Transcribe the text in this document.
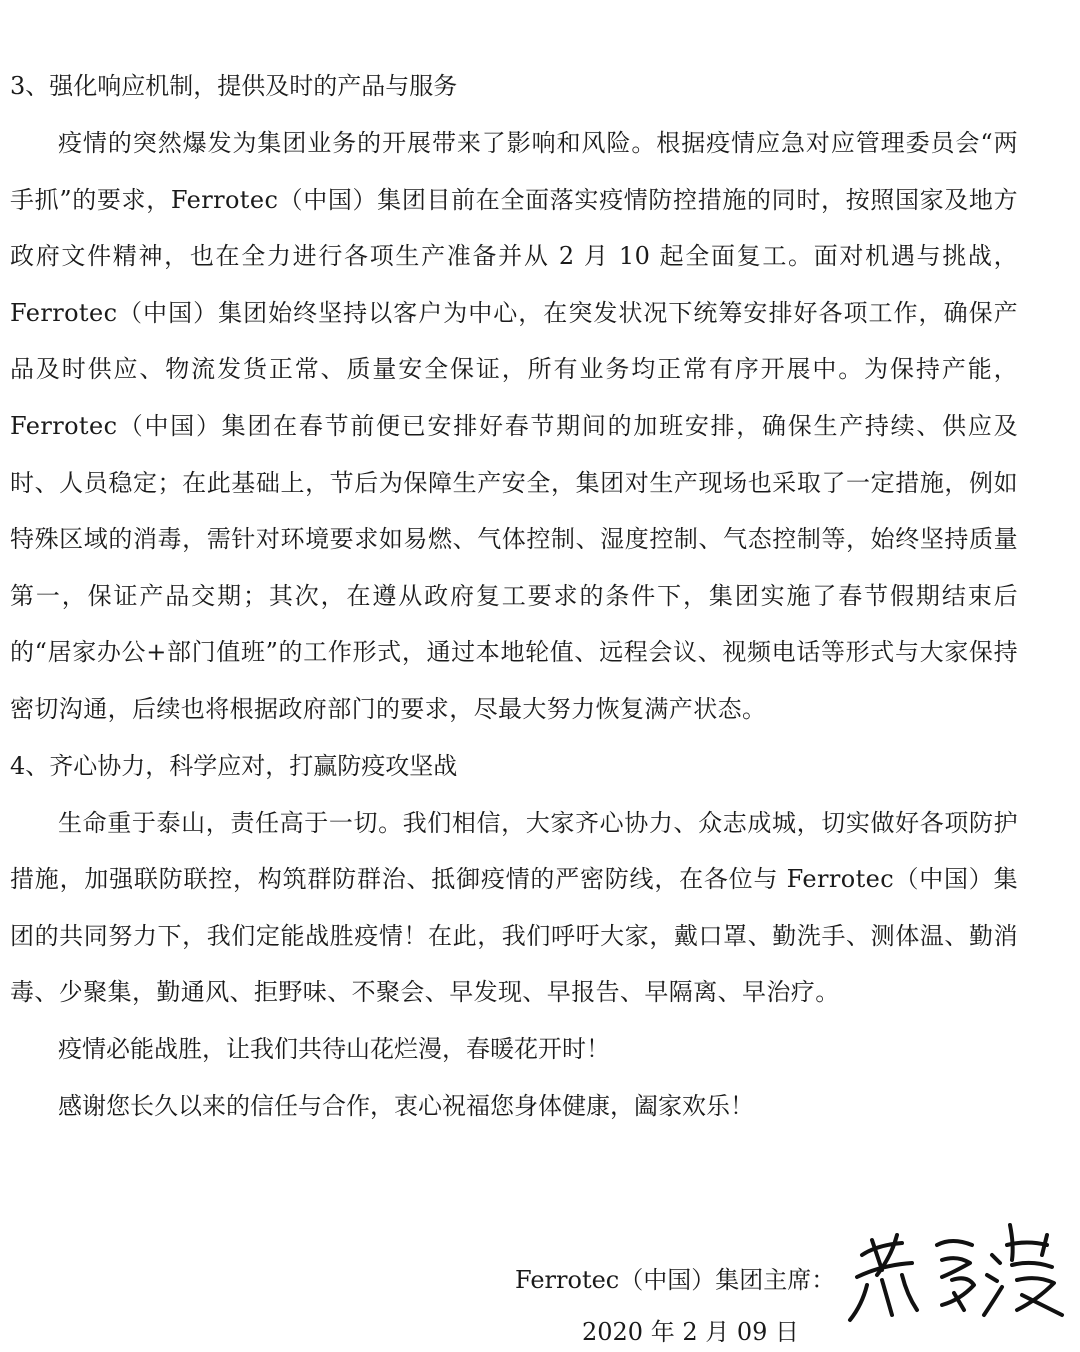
3、强化响应机制，提供及时的产品与服务

疫情的突然爆发为集团业务的开展带来了影响和风险。根据疫情应急对应管理委员会“两手抓”的要求，Ferrotec（中国）集团目前在全面落实疫情防控措施的同时，按照国家及地方政府文件精神，也在全力进行各项生产准备并从 2 月 10 起全面复工。面对机遇与挑战，Ferrotec（中国）集团始终坚持以客户为中心，在突发状况下统筹安排好各项工作，确保产品及时供应、物流发货正常、质量安全保证，所有业务均正常有序开展中。为保持产能，Ferrotec（中国）集团在春节前便已安排好春节期间的加班安排，确保生产持续、供应及时、人员稳定；在此基础上，节后为保障生产安全，集团对生产现场也采取了一定措施，例如特殊区域的消毒，需针对环境要求如易燃、气体控制、湿度控制、气态控制等，始终坚持质量第一，保证产品交期；其次，在遵从政府复工要求的条件下，集团实施了春节假期结束后的“居家办公+部门值班”的工作形式，通过本地轮值、远程会议、视频电话等形式与大家保持密切沟通，后续也将根据政府部门的要求，尽最大努力恢复满产状态。

4、齐心协力，科学应对，打赢防疫攻坚战

生命重于泰山，责任高于一切。我们相信，大家齐心协力、众志成城，切实做好各项防护措施，加强联防联控，构筑群防群治、抵御疫情的严密防线，在各位与 Ferrotec（中国）集团的共同努力下，我们定能战胜疫情！在此，我们呼吁大家，戴口罩、勤洗手、测体温、勤消毒、少聚集，勤通风、拒野味、不聚会、早发现、早报告、早隔离、早治疗。

疫情必能战胜，让我们共待山花烂漫，春暖花开时！

感谢您长久以来的信任与合作，衷心祝福您身体健康，阖家欢乐！

Ferrotec（中国）集团主席：
2020 年 2 月 09 日
